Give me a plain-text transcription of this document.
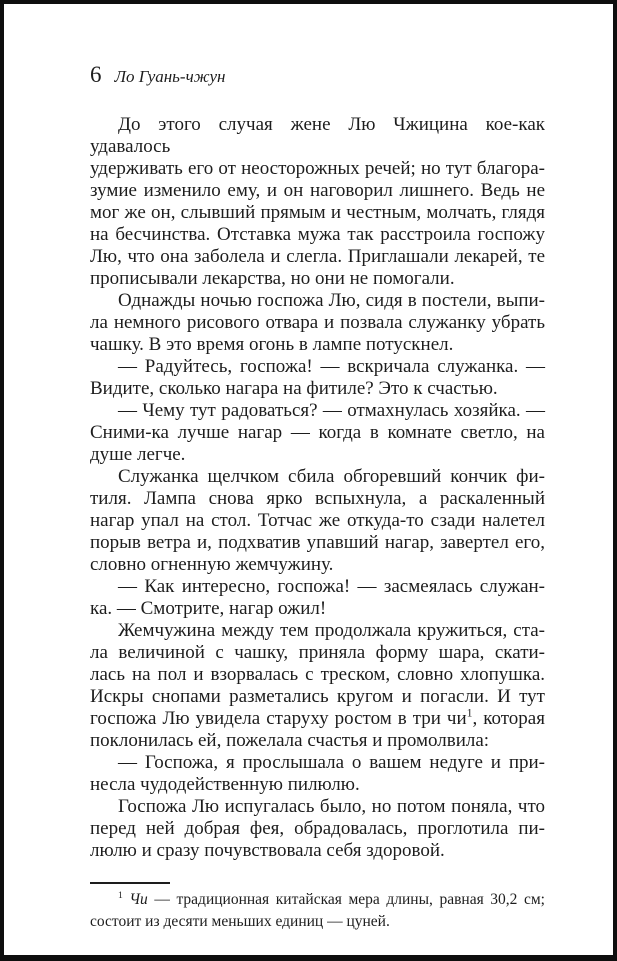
6 Ло Гуань-чжун

До этого случая жене Лю Чжицина кое-как удавалось
удерживать его от неосторожных речей; но тут благора-
зумие изменило ему, и он наговорил лишнего. Ведь не
мог же он, слывший прямым и честным, молчать, глядя
на бесчинства. Отставка мужа так расстроила госпожу
Лю, что она заболела и слегла. Приглашали лекарей, те
прописывали лекарства, но они не помогали.

Однажды ночью госпожа Лю, сидя в постели, выпи-
ла немного рисового отвара и позвала служанку убрать
чашку. В это время огонь в лампе потускнел.

— Радуйтесь, госпожа! — вскричала служанка. —
Видите, сколько нагара на фитиле? Это к счастью.

— Чему тут радоваться? — отмахнулась хозяйка. —
Сними-ка лучше нагар — когда в комнате светло, на
душе легче.

Служанка щелчком сбила обгоревший кончик фи-
тиля. Лампа снова ярко вспыхнула, а раскаленный
нагар упал на стол. Тотчас же откуда-то сзади налетел
порыв ветра и, подхватив упавший нагар, завертел его,
словно огненную жемчужину.

— Как интересно, госпожа! — засмеялась служан-
ка. — Смотрите, нагар ожил!

Жемчужина между тем продолжала кружиться, ста-
ла величиной с чашку, приняла форму шара, скати-
лась на пол и взорвалась с треском, словно хлопушка.
Искры снопами разметались кругом и погасли. И тут
госпожа Лю увидела старуху ростом в три $чи^1$, которая
поклонилась ей, пожелала счастья и промолвила:

— Госпожа, я прослышала о вашем недуге и при-
несла чудодейственную пилюлю.

Госпожа Лю испугалась было, но потом поняла, что
перед ней добрая фея, обрадовалась, проглотила пи-
люлю и сразу почувствовала себя здоровой.

$^1$ Чи — традиционная китайская мера длины, равная 30,2 см;
состоит из десяти меньших единиц — цуней.
